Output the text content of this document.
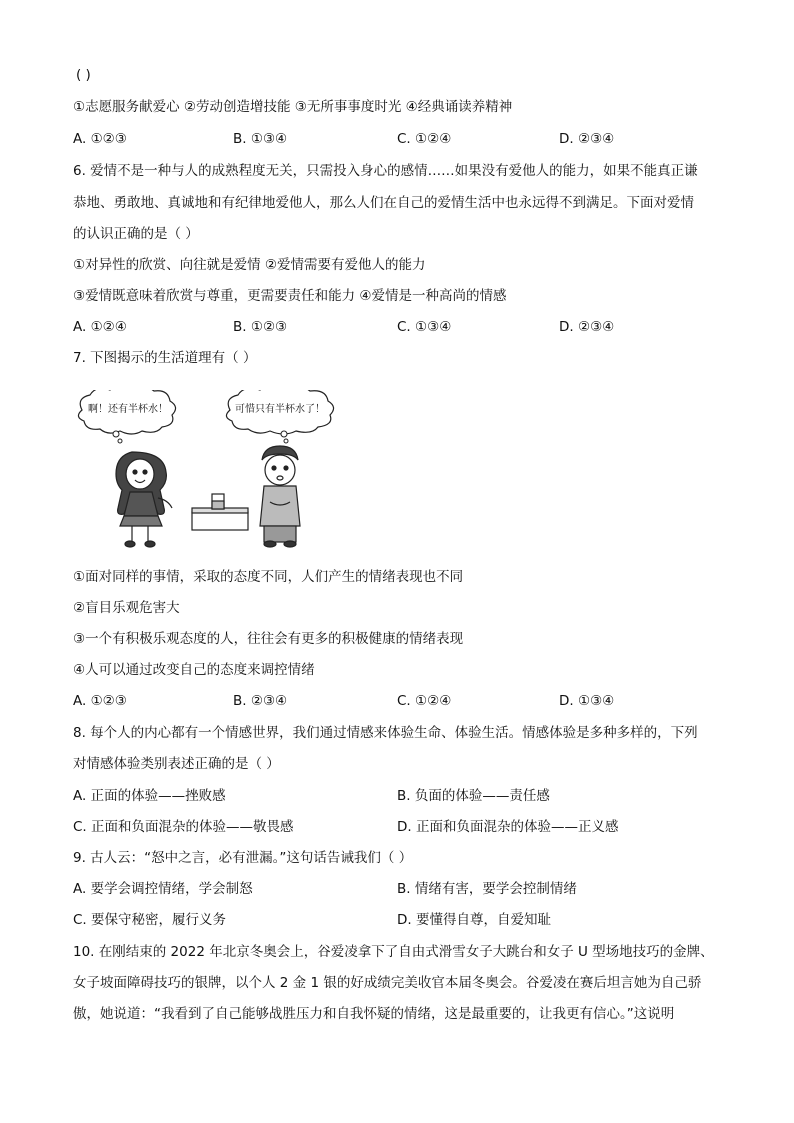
( )
①志愿服务献爱心 ②劳动创造增技能 ③无所事事度时光 ④经典诵读养精神
A. ①②③	B. ①③④	C. ①②④	D. ②③④
6. 爱情不是一种与人的成熟程度无关，只需投入身心的感情……如果没有爱他人的能力，如果不能真正谦
恭地、勇敢地、真诚地和有纪律地爱他人，那么人们在自己的爱情生活中也永远得不到满足。下面对爱情
的认识正确的是（ ）
①对异性的欣赏、向往就是爱情 ②爱情需要有爱他人的能力
③爱情既意味着欣赏与尊重，更需要责任和能力 ④爱情是一种高尚的情感
A. ①②④	B. ①②③	C. ①③④	D. ②③④
7. 下图揭示的生活道理有（ ）
啊！还有半杯水！	可惜只有半杯水了！
①面对同样的事情，采取的态度不同，人们产生的情绪表现也不同
②盲目乐观危害大
③一个有积极乐观态度的人，往往会有更多的积极健康的情绪表现
④人可以通过改变自己的态度来调控情绪
A. ①②③	B. ②③④	C. ①②④	D. ①③④
8. 每个人的内心都有一个情感世界，我们通过情感来体验生命、体验生活。情感体验是多种多样的，下列
对情感体验类别表述正确的是（ ）
A. 正面的体验——挫败感	B. 负面的体验——责任感
C. 正面和负面混杂的体验——敬畏感	D. 正面和负面混杂的体验——正义感
9. 古人云：“怒中之言，必有泄漏。”这句话告诫我们（ ）
A. 要学会调控情绪，学会制怒	B. 情绪有害，要学会控制情绪
C. 要保守秘密，履行义务	D. 要懂得自尊，自爱知耻
10. 在刚结束的 2022 年北京冬奥会上，谷爱凌拿下了自由式滑雪女子大跳台和女子 U 型场地技巧的金牌、
女子坡面障碍技巧的银牌，以个人 2 金 1 银的好成绩完美收官本届冬奥会。谷爱凌在赛后坦言她为自己骄
傲，她说道：“我看到了自己能够战胜压力和自我怀疑的情绪，这是最重要的，让我更有信心。”这说明
